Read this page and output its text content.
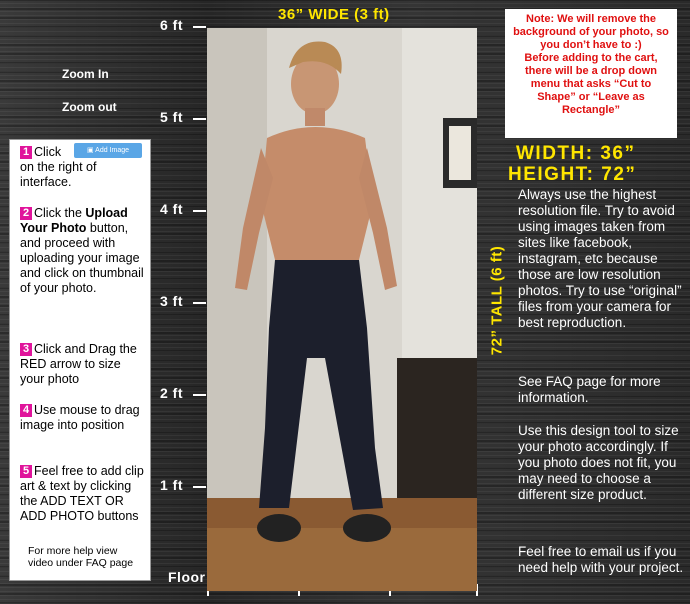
36” WIDE (3 ft)
6 ft
5 ft
4 ft
3 ft
2 ft
1 ft
Floor
Zoom In
Zoom out
72” TALL (6 ft)
1 Click

on the right of interface.
▣ Add Image
2 Click the Upload Your Photo button, and proceed with uploading your image and click on thumbnail of your photo.
3 Click and Drag the RED arrow to size your photo
4 Use mouse to drag image into position
5 Feel free to add clip art & text by clicking the ADD TEXT OR ADD PHOTO buttons
For more help view video under FAQ page
Note: We will remove the background of your photo, so you don’t have to :)
Before adding to the cart, there will be a drop down menu that asks “Cut to Shape” or “Leave as Rectangle”
WIDTH: 36”
HEIGHT: 72”
Always use the highest resolution file. Try to avoid using images taken from sites like facebook, instagram, etc because those are low resolution photos. Try to use “original” files from your camera for best reproduction.
See FAQ page for more information.
Use this design tool to size your photo accordingly. If you photo does not fit, you may need to choose a different size product.
Feel free to email us if you need help with your project.
